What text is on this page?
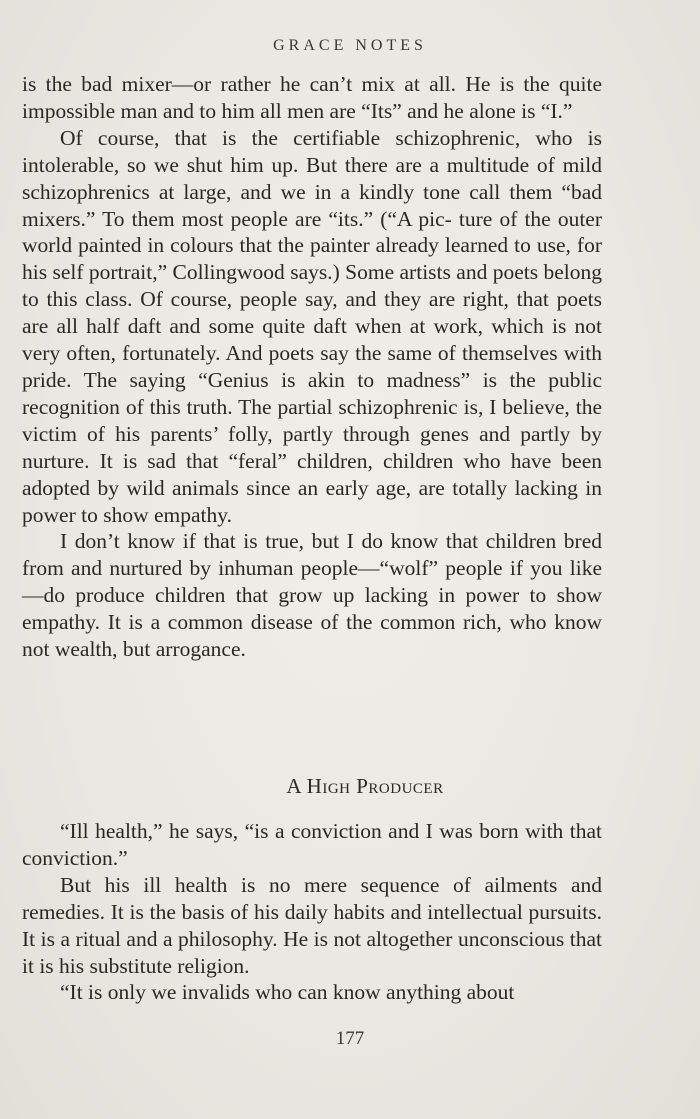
GRACE NOTES

is the bad mixer—or rather he can’t mix at all. He is the quite impossible man and to him all men are “Its” and he alone is “I.”

Of course, that is the certifiable schizophrenic, who is intolerable, so we shut him up. But there are a multitude of mild schizophrenics at large, and we in a kindly tone call them “bad mixers.” To them most people are “its.” (“A pic- ture of the outer world painted in colours that the painter already learned to use, for his self portrait,” Collingwood says.) Some artists and poets belong to this class. Of course, people say, and they are right, that poets are all half daft and some quite daft when at work, which is not very often, fortunately. And poets say the same of themselves with pride. The saying “Genius is akin to madness” is the public recognition of this truth. The partial schizophrenic is, I believe, the victim of his parents’ folly, partly through genes and partly by nurture. It is sad that “feral” children, children who have been adopted by wild animals since an early age, are totally lacking in power to show empathy.

I don’t know if that is true, but I do know that children bred from and nurtured by inhuman people—“wolf” people if you like—do produce children that grow up lacking in power to show empathy. It is a common disease of the common rich, who know not wealth, but arrogance.

A High Producer

“Ill health,” he says, “is a conviction and I was born with that conviction.”

But his ill health is no mere sequence of ailments and remedies. It is the basis of his daily habits and intellectual pursuits. It is a ritual and a philosophy. He is not altogether unconscious that it is his substitute religion.

“It is only we invalids who can know anything about

177
